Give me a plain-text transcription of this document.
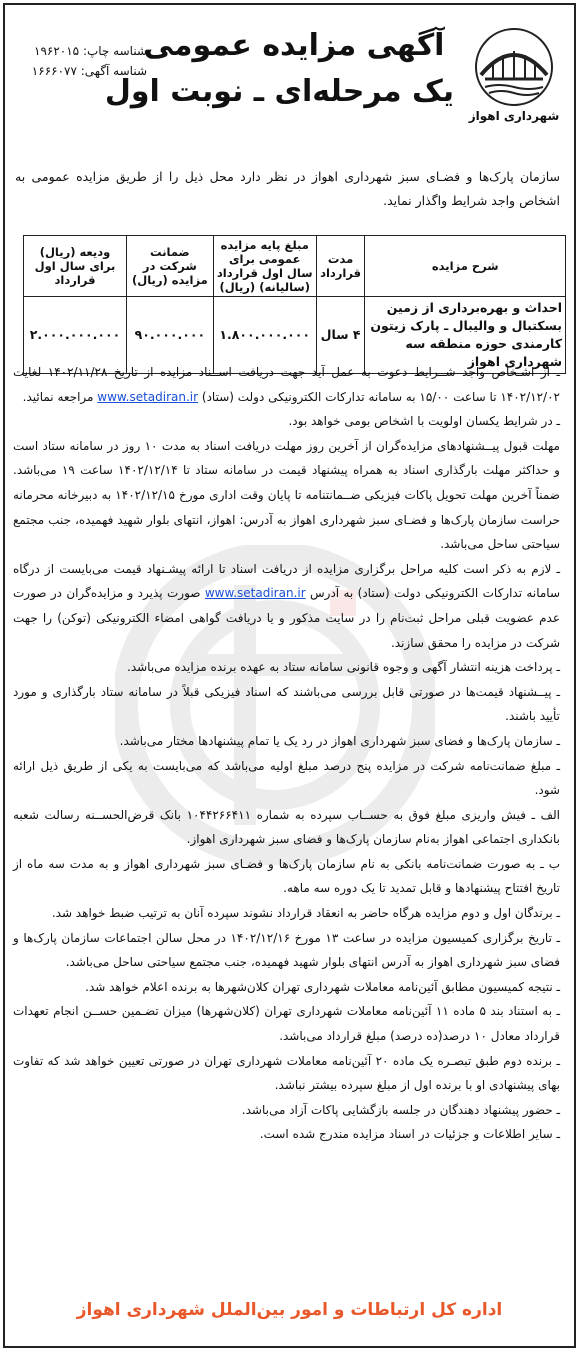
شهرداری اهواز
آگهی مزایده عمومی
یک مرحله‌ای ـ نوبت اول
شناسه چاپ: ۱۹۶۲۰۱۵
شناسه آگهی: ۱۶۶۶۰۷۷
سازمان پارک‌ها و فضـای سبز شهرداری اهواز در نظر دارد محل ذیل را از طریق مزایده عمومی به اشخاص واجد شرایط واگذار نماید.
شرح مزایده	مدت قرارداد	مبلغ پایه مزایده عمومی برای سال اول قرارداد (سالیانه) (ریال)	ضمانت شرکت در مزایده (ریال)	ودیعه (ریال) برای سال اول قرارداد
احداث و بهره‌برداری از زمین بسکتبال و والیبال ـ پارک زیتون کارمندی حوزه منطقه سه شهرداری اهواز	۴ سال	۱.۸۰۰.۰۰۰.۰۰۰	۹۰.۰۰۰.۰۰۰	۲.۰۰۰.۰۰۰.۰۰۰

ـ از اشـخاص واجد شــرایط دعوت به عمل آید جهت دریافت اســناد مزایده از تاریخ ۱۴۰۲/۱۱/۲۸ لغایت ۱۴۰۲/۱۲/۰۲ تا ساعت ۱۵/۰۰ به سامانه تدارکات الکترونیکی دولت (ستاد) www.setadiran.ir مراجعه نمائید.

ـ در شرایط یکسان اولویت با اشخاص بومی خواهد بود.

مهلت قبول پیــشنهادهای مزایده‌گران از آخرین روز مهلت دریافت اسناد به مدت ۱۰ روز در سامانه ستاد است و حداکثر مهلت بارگذاری اسناد به همراه پیشنهاد قیمت در سامانه ستاد تا ۱۴۰۲/۱۲/۱۴ ساعت ۱۹ می‌باشد. ضمناً آخرین مهلت تحویل پاکات فیزیکی ضــمانتنامه تا پایان وقت اداری مورخ ۱۴۰۲/۱۲/۱۵ به دبیرخانه محرمانه حراست سازمان پارک‌ها و فضـای سبز شهرداری اهواز به آدرس: اهواز، انتهای بلوار شهید فهمیده، جنب مجتمع سیاحتی ساحل می‌باشد.

ـ لازم به ذکر است کلیه مراحل برگزاری مزایده از دریافت اسناد تا ارائه پیشـنهاد قیمت می‌بایست از درگاه سامانه تدارکات الکترونیکی دولت (ستاد) به آدرس www.setadiran.ir صورت پذیرد و مزایده‌گران در صورت عدم عضویت قبلی مراحل ثبت‌نام را در سایت مذکور و یا دریافت گواهی امضاء الکترونیکی (توکن) را جهت شرکت در مزایده را محقق سازند.

ـ پرداخت هزینه انتشار آگهی و وجوه قانونی سامانه ستاد به عهده برنده مزایده می‌باشد.

ـ پیــشنهاد قیمت‌ها در صورتی قابل بررسی می‌باشند که اسناد فیزیکی قبلاً در سامانه ستاد بارگذاری و مورد تأیید باشند.

ـ سازمان پارک‌ها و فضای سبز شهرداری اهواز در رد یک یا تمام پیشنهادها مختار می‌باشد.

ـ مبلغ ضمانت‌نامه شرکت در مزایده پنج درصد مبلغ اولیه می‌باشد که می‌بایست به یکی از طریق ذیل ارائه شود.

الف ـ فیش واریزی مبلغ فوق به حســاب سپرده به شماره ۱۰۴۴۲۶۶۴۱۱ بانک قرض‌الحســنه رسالت شعبه بانکداری اجتماعی اهواز به‌نام سازمان پارک‌ها و فضای سبز شهرداری اهواز.

ب ـ به صورت ضمانت‌نامه بانکی به نام سازمان پارک‌ها و فضـای سبز شهرداری اهواز و به مدت سه ماه از تاریخ افتتاح پیشنهادها و قابل تمدید تا یک دوره سه ماهه.

ـ برندگان اول و دوم مزایده هرگاه حاضر به انعقاد قرارداد نشوند سپرده آنان به ترتیب ضبط خواهد شد.

ـ تاریخ برگزاری کمیسیون مزایده در ساعت ۱۳ مورخ ۱۴۰۲/۱۲/۱۶ در محل سالن اجتماعات سازمان پارک‌ها و فضای سبز شهرداری اهواز به آدرس انتهای بلوار شهید فهمیده، جنب مجتمع سیاحتی ساحل می‌باشد.

ـ نتیجه کمیسیون مطابق آئین‌نامه معاملات شهرداری تهران کلان‌شهرها به برنده اعلام خواهد شد.

ـ به استناد بند ۵ ماده ۱۱ آئین‌نامه معاملات شهرداری تهران (کلان‌شهرها) میزان تضـمین حســن انجام تعهدات قرارداد معادل ۱۰ درصد(ده درصد) مبلغ قرارداد می‌باشد.

ـ برنده دوم طبق تبصـره یک ماده ۲۰ آئین‌نامه معاملات شهرداری تهران در صورتی تعیین خواهد شد که تفاوت بهای پیشنهادی او با برنده اول از مبلغ سپرده بیشتر نباشد.

ـ حضور پیشنهاد دهندگان در جلسه بازگشایی پاکات آزاد می‌باشد.

ـ سایر اطلاعات و جزئیات در اسناد مزایده مندرج شده است.

اداره کل ارتباطات و امور بین‌الملل شهرداری اهواز
